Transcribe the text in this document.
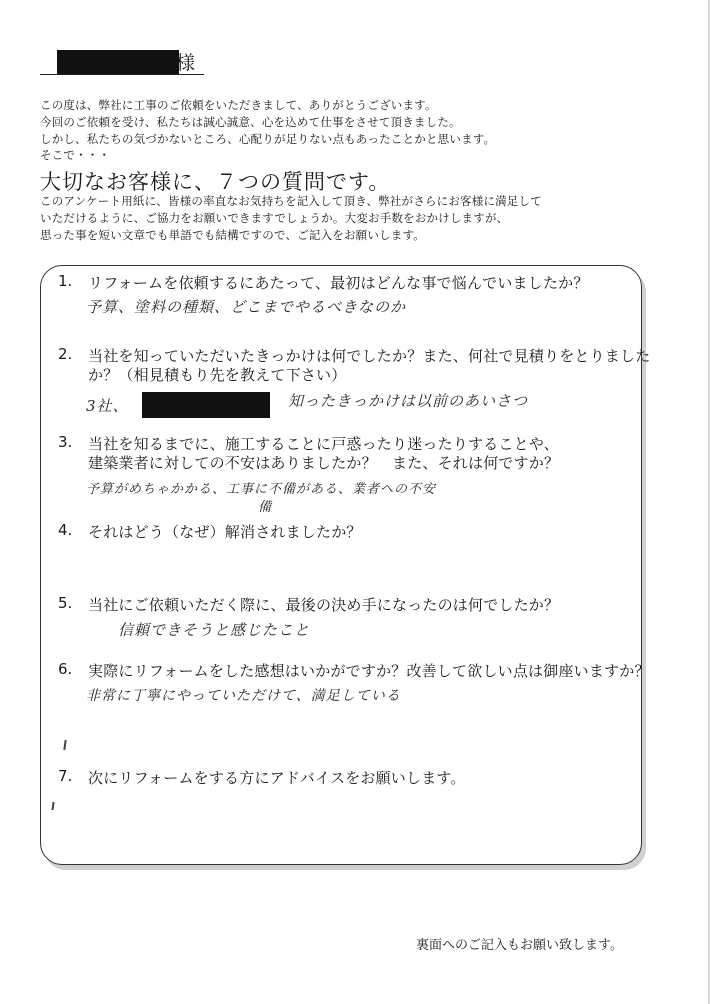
様
この度は、弊社に工事のご依頼をいただきまして、ありがとうございます。
今回のご依頼を受け、私たちは誠心誠意、心を込めて仕事をさせて頂きました。
しかし、私たちの気づかないところ、心配りが足りない点もあったことかと思います。
そこで・・・
大切なお客様に、７つの質問です。
このアンケート用紙に、皆様の率直なお気持ちを記入して頂き、弊社がさらにお客様に満足して
いただけるように、ご協力をお願いできますでしょうか。大変お手数をおかけしますが、
思った事を短い文章でも単語でも結構ですので、ご記入をお願いします。
1. リフォームを依頼するにあたって、最初はどんな事で悩んでいましたか？
予算、塗料の種類、どこまでやるべきなのか
2. 当社を知っていただいたきっかけは何でしたか？また、何社で見積りをとりました
か？（相見積もり先を教えて下さい）
3社、	知ったきっかけは以前のあいさつ
3. 当社を知るまでに、施工することに戸惑ったり迷ったりすることや、
建築業者に対しての不安はありましたか？　また、それは何ですか？
予算がめちゃかかる、工事に不備がある、業者への不安
備
4. それはどう（なぜ）解消されましたか？
5. 当社にご依頼いただく際に、最後の決め手になったのは何でしたか？
信頼できそうと感じたこと
6. 実際にリフォームをした感想はいかがですか？改善して欲しい点は御座いますか？
非常に丁寧にやっていただけて、満足している
7. 次にリフォームをする方にアドバイスをお願いします。
裏面へのご記入もお願い致します。
